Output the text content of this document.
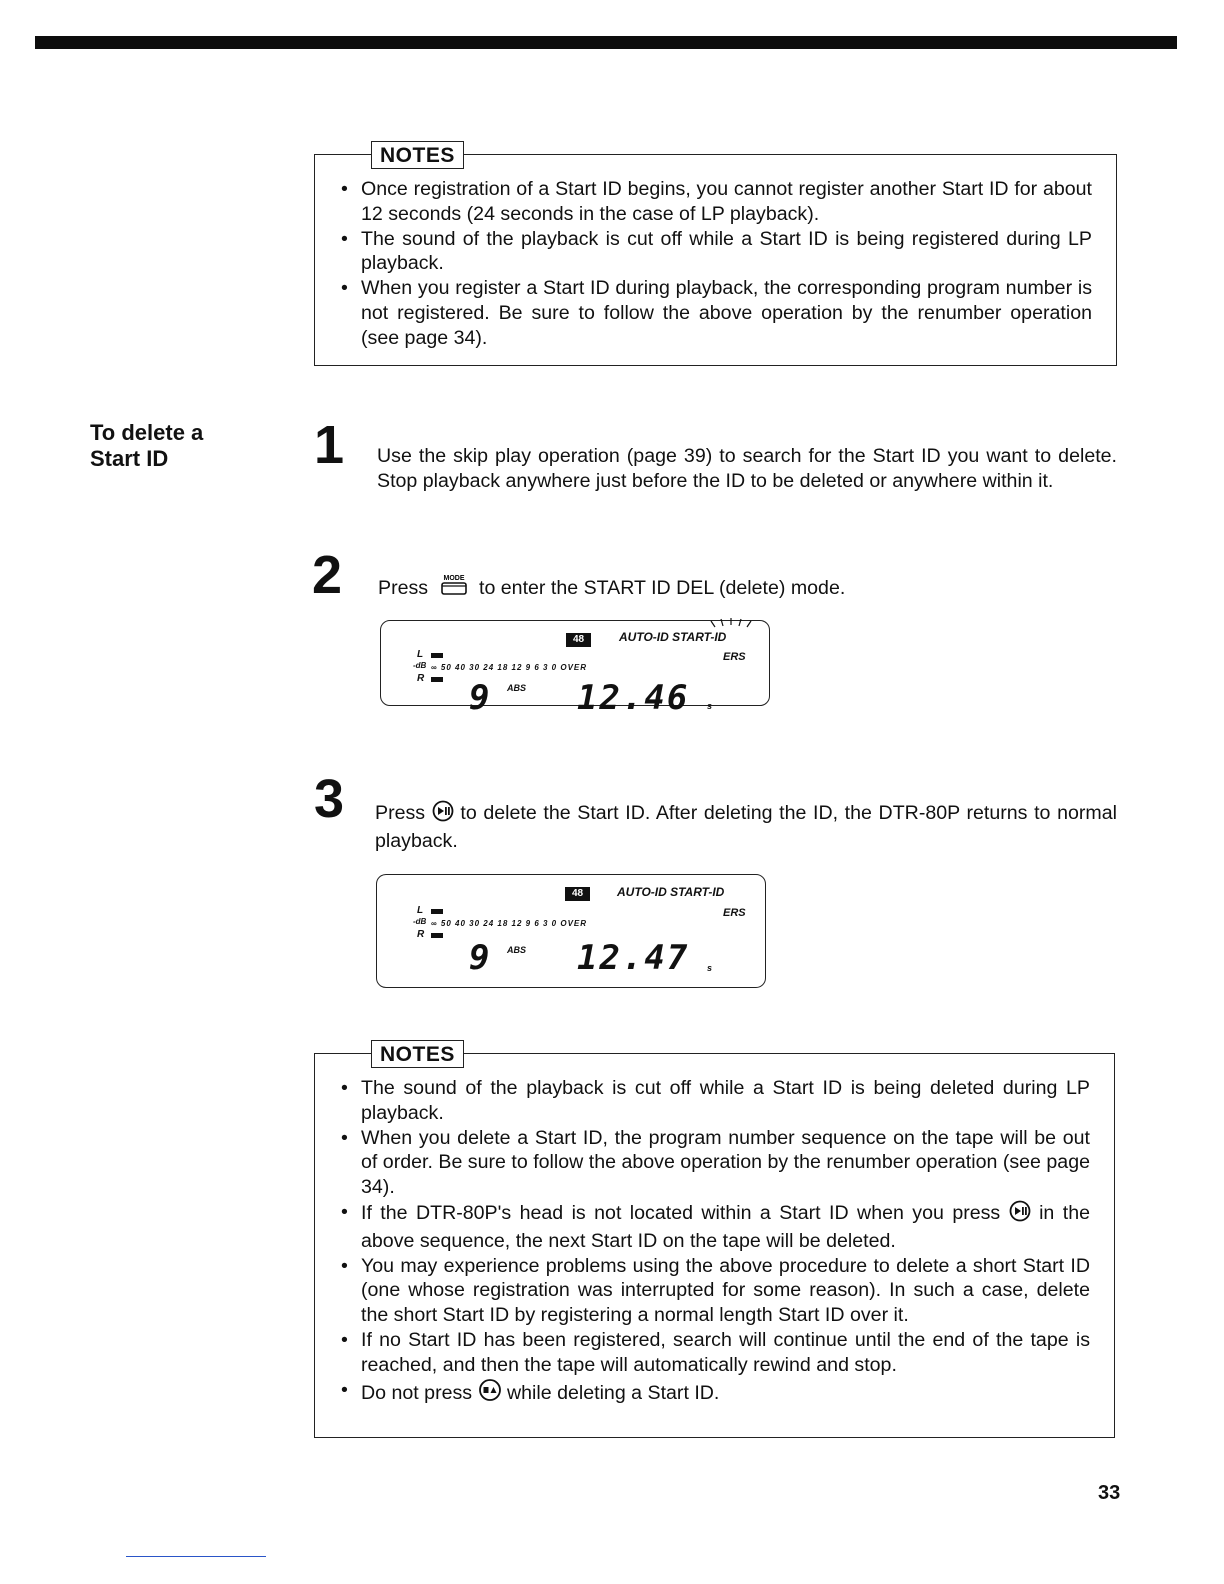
NOTES
• Once registration of a Start ID begins, you cannot register another Start ID for about 12 seconds (24 seconds in the case of LP playback).
• The sound of the playback is cut off while a Start ID is being registered during LP playback.
• When you register a Start ID during playback, the corresponding program number is not registered. Be sure to follow the above operation by the renumber operation (see page 34).
To delete a
Start ID	1 Use the skip play operation (page 39) to search for the Start ID you want to delete. Stop playback anywhere just before the ID to be deleted or anywhere within it.
2 Press MODE to enter the START ID DEL (delete) mode.
48	AUTO-ID START-ID
ERS
L
-dB ∞ 50 40 30 24 18 12 9 6 3 0 OVER
R 9 ABS 12.46 s
3 Press to delete the Start ID. After deleting the ID, the DTR-80P returns to normal playback.
48	AUTO-ID START-ID
ERS
L
-dB ∞ 50 40 30 24 18 12 9 6 3 0 OVER
R
9 ABS 12.47 s
NOTES
• The sound of the playback is cut off while a Start ID is being deleted during LP playback.
• When you delete a Start ID, the program number sequence on the tape will be out of order. Be sure to follow the above operation by the renumber operation (see page 34).
• If the DTR-80P's head is not located within a Start ID when you press in the above sequence, the next Start ID on the tape will be deleted.
• You may experience problems using the above procedure to delete a short Start ID (one whose registration was interrupted for some reason). In such a case, delete the short Start ID by registering a normal length Start ID over it.
• If no Start ID has been registered, search will continue until the end of the tape is reached, and then the tape will automatically rewind and stop.
• Do not press while deleting a Start ID.
33
